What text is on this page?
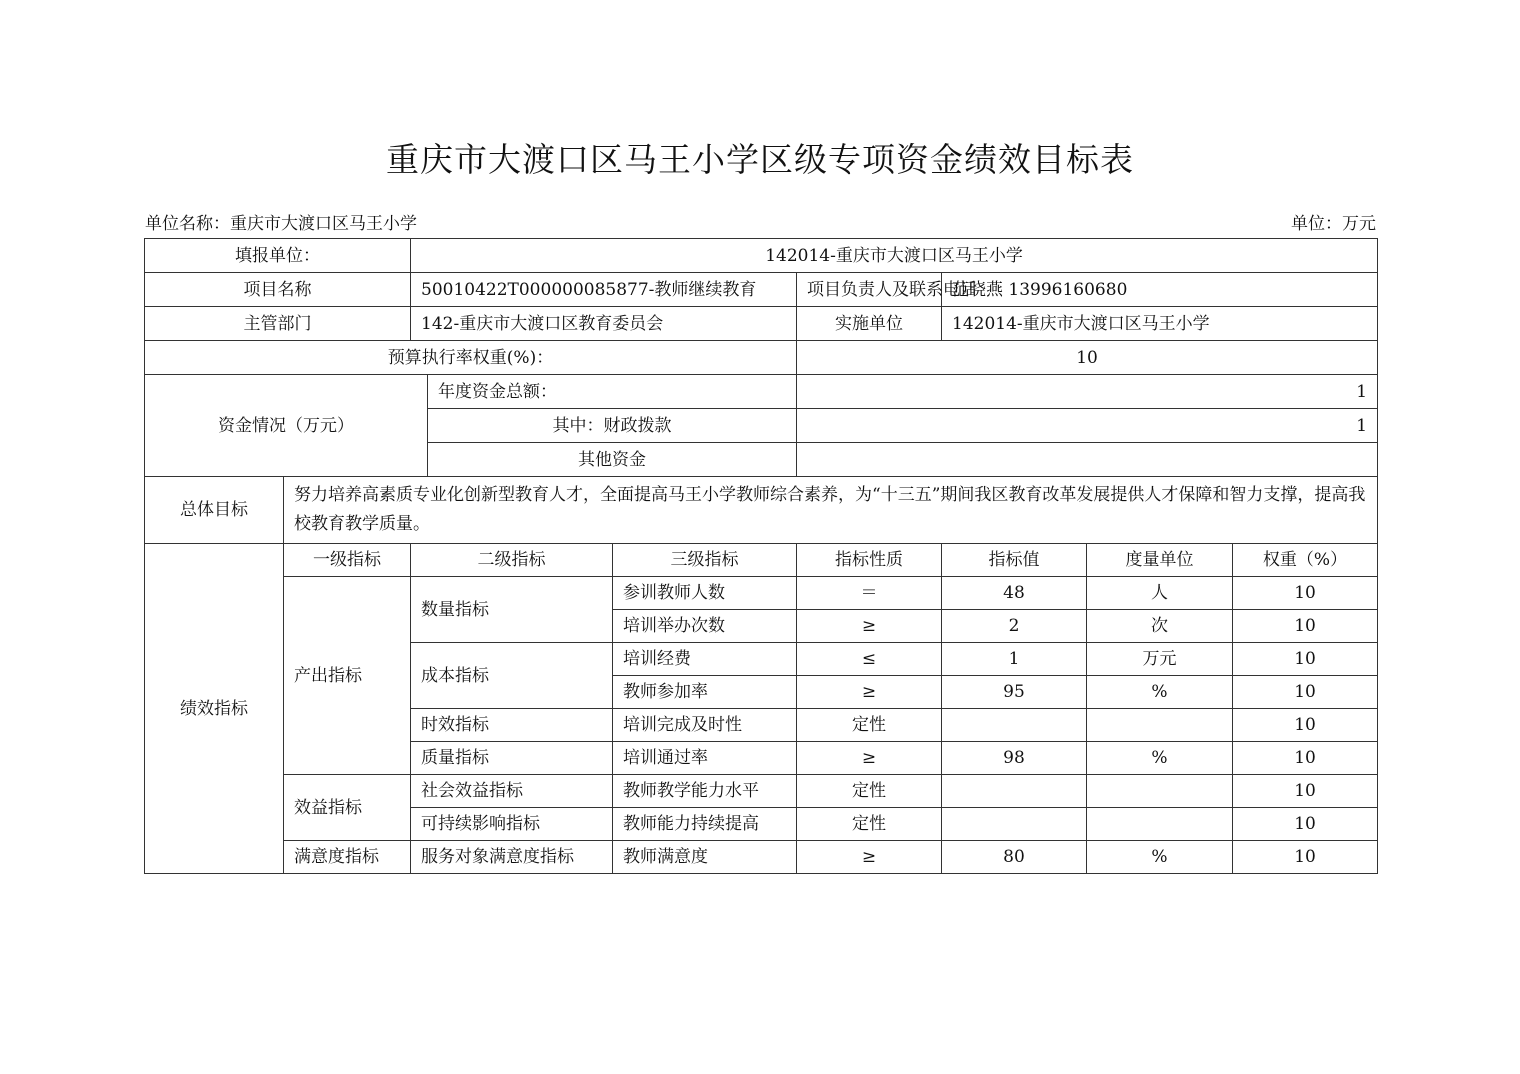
重庆市大渡口区马王小学区级专项资金绩效目标表
单位名称：重庆市大渡口区马王小学	单位：万元
填报单位：		142014-重庆市大渡口区马王小学						
项目名称		50010422T000000085877-教师继续教育			项目负责人及联系电话	范晓燕 13996160680		
主管部门		142-重庆市大渡口区教育委员会			实施单位	142014-重庆市大渡口区马王小学		
预算执行率权重(%)：					10			
资金情况（万元）			年度资金总额：		1			
			其中：财政拨款		1			
			其他资金					
总体目标	努力培养高素质专业化创新型教育人才，全面提高马王小学教师综合素养，为“十三五”期间我区教育改革发展提供人才保障和智力支撑，提高我校教育教学质量。							
绩效指标	一级指标	二级指标		三级指标	指标性质	指标值	度量单位	权重（%）
	产出指标	数量指标		参训教师人数	＝	48	人	10
				培训举办次数	≥	2	次	10
		成本指标		培训经费	≤	1	万元	10
				教师参加率	≥	95	%	10
		时效指标		培训完成及时性	定性			10
		质量指标		培训通过率	≥	98	%	10
	效益指标	社会效益指标		教师教学能力水平	定性			10
		可持续影响指标		教师能力持续提高	定性			10
	满意度指标	服务对象满意度指标		教师满意度	≥	80	%	10
